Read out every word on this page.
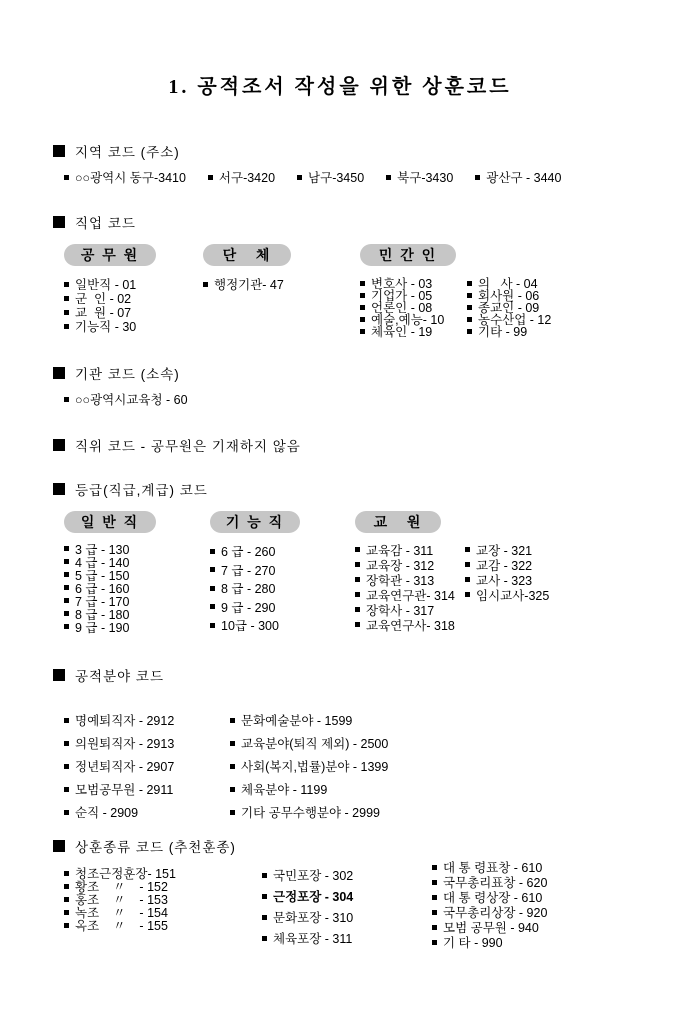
1. 공적조서 작성을 위한 상훈코드
지역 코드 (주소)
○○광역시 동구-3410	서구-3420	남구-3450	북구-3430	광산구 - 3440
직업 코드
공 무 원
일반직 - 01
군  인 - 02
교  원 - 07
기능직 - 30
단   체
행정기관- 47
민 간 인
변호사 - 03
기업가 - 05
언론인 - 08
예술,예능- 10
체육인 - 19
의   사 - 04
회사원 - 06
종교인 - 09
농수산업 - 12
기타 - 99
기관 코드 (소속)
○○광역시교육청 - 60
직위 코드 - 공무원은 기재하지 않음
등급(직급,계급) 코드
일 반 직
3 급 - 130
4 급 - 140
5 급 - 150
6 급 - 160
7 급 - 170
8 급 - 180
9 급 - 190
기 능 직
6 급 - 260
7 급 - 270
8 급 - 280
9 급 - 290
10급 - 300
교   원
교육감 - 311
교육장 - 312
장학관 - 313
교육연구관- 314
장학사 - 317
교육연구사- 318
교장 - 321
교감 - 322
교사 - 323
임시교사-325
공적분야 코드
명예퇴직자 - 2912
의원퇴직자 - 2913
정년퇴직자 - 2907
모범공무원 - 2911
순직 - 2909
문화예술분야 - 1599
교육분야(퇴직 제외) - 2500
사회(복지,법률)분야 - 1399
체육분야 - 1199
기타 공무수행분야 - 2999
상훈종류 코드 (추천훈종)
청조근정훈장- 151
황조    〃    - 152
홍조    〃    - 153
녹조    〃    - 154
옥조    〃    - 155
국민포장 - 302
근정포장 - 304
문화포장 - 310
체육포장 - 311
대 통 령표창 - 610
국무총리표창 - 620
대 통 령상장 - 610
국무총리상장 - 920
모범 공무원 - 940
기 타 - 990
